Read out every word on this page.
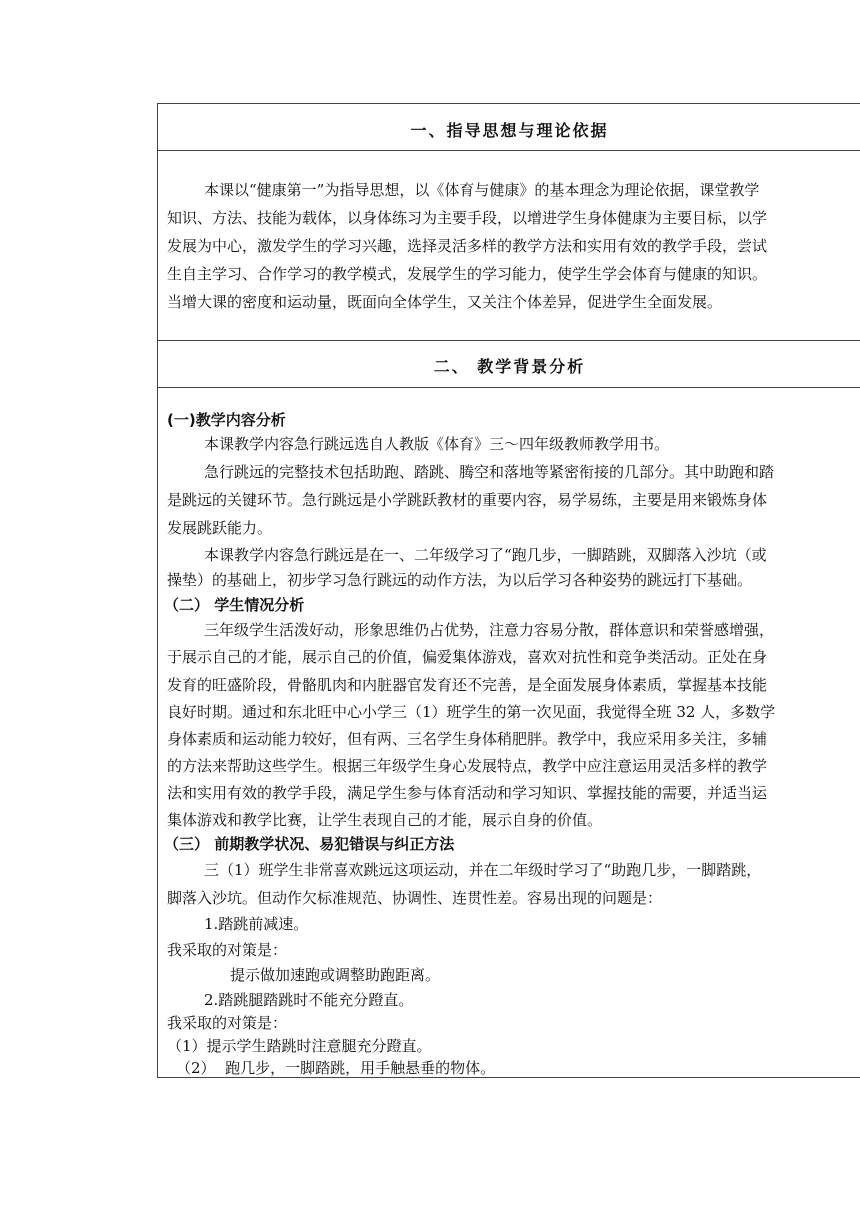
一、指导思想与理论依据
本课以“健康第一”为指导思想，以《体育与健康》的基本理念为理论依据，课堂教学
知识、方法、技能为载体，以身体练习为主要手段，以增进学生身体健康为主要目标，以学
发展为中心，激发学生的学习兴趣，选择灵活多样的教学方法和实用有效的教学手段，尝试
生自主学习、合作学习的教学模式，发展学生的学习能力，使学生学会体育与健康的知识。
当增大课的密度和运动量，既面向全体学生，又关注个体差异，促进学生全面发展。
二、 教学背景分析
(一)教学内容分析
本课教学内容急行跳远选自人教版《体育》三～四年级教师教学用书。
急行跳远的完整技术包括助跑、踏跳、腾空和落地等紧密衔接的几部分。其中助跑和踏
是跳远的关键环节。急行跳远是小学跳跃教材的重要内容，易学易练，主要是用来锻炼身体
发展跳跃能力。
本课教学内容急行跳远是在一、二年级学习了“跑几步，一脚踏跳，双脚落入沙坑（或
操垫）的基础上，初步学习急行跳远的动作方法，为以后学习各种姿势的跳远打下基础。
（二） 学生情况分析
三年级学生活泼好动，形象思维仍占优势，注意力容易分散，群体意识和荣誉感增强，
于展示自己的才能，展示自己的价值，偏爱集体游戏，喜欢对抗性和竞争类活动。正处在身
发育的旺盛阶段，骨骼肌肉和内脏器官发育还不完善，是全面发展身体素质，掌握基本技能
良好时期。通过和东北旺中心小学三（1）班学生的第一次见面，我觉得全班 32 人，多数学
身体素质和运动能力较好，但有两、三名学生身体稍肥胖。教学中，我应采用多关注，多辅
的方法来帮助这些学生。根据三年级学生身心发展特点，教学中应注意运用灵活多样的教学
法和实用有效的教学手段，满足学生参与体育活动和学习知识、掌握技能的需要，并适当运
集体游戏和教学比赛，让学生表现自己的才能，展示自身的价值。
（三） 前期教学状况、易犯错误与纠正方法
三（1）班学生非常喜欢跳远这项运动，并在二年级时学习了“助跑几步，一脚踏跳，
脚落入沙坑。但动作欠标准规范、协调性、连贯性差。容易出现的问题是：
1.踏跳前减速。
我采取的对策是：
提示做加速跑或调整助跑距离。
2.踏跳腿踏跳时不能充分蹬直。
我采取的对策是：
（1）提示学生踏跳时注意腿充分蹬直。
（2）  跑几步，一脚踏跳，用手触悬垂的物体。
